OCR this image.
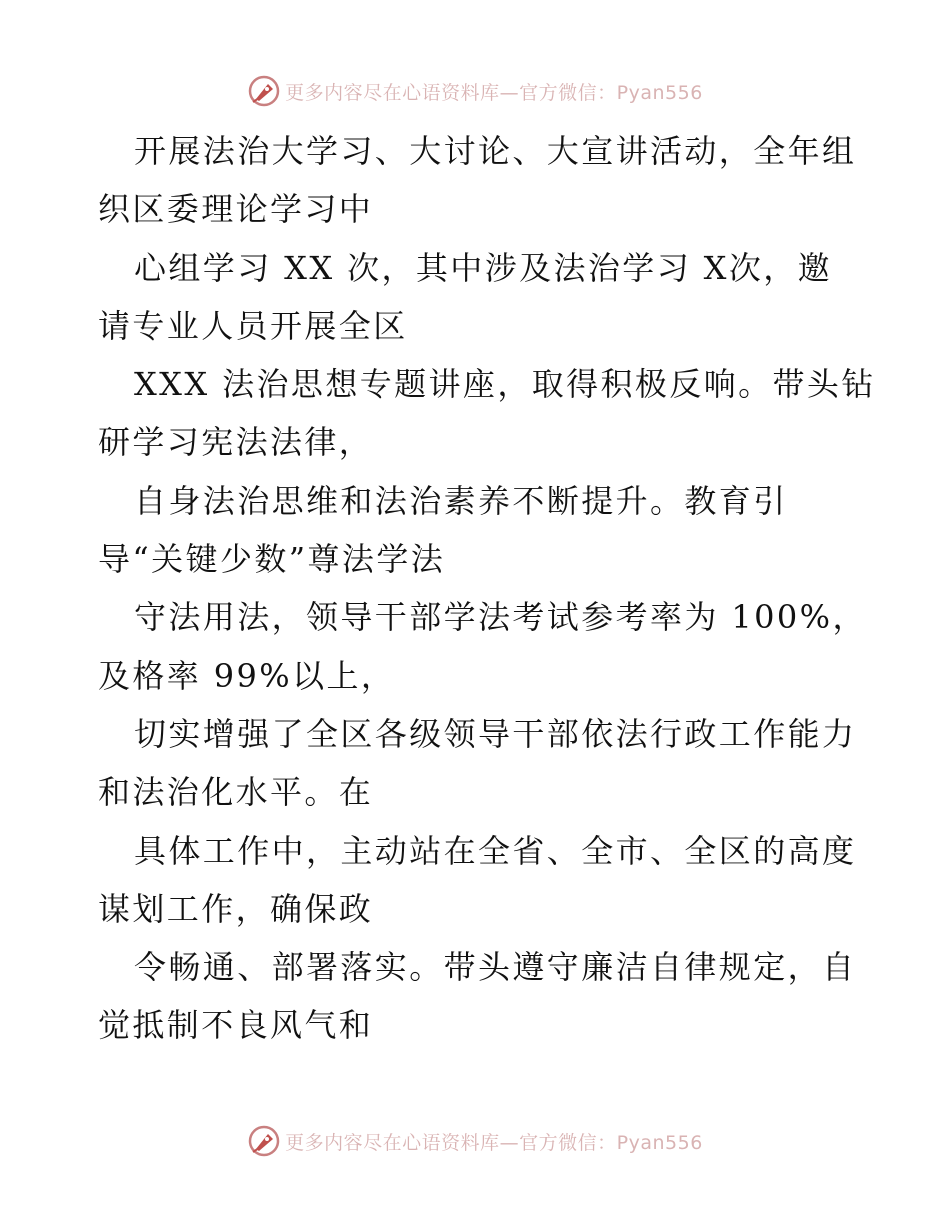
更多内容尽在心语资料库—官方微信：Pyan556
开展法治大学习、大讨论、大宣讲活动，全年组
织区委理论学习中
心组学习 XX 次，其中涉及法治学习 X次，邀
请专业人员开展全区
XXX 法治思想专题讲座，取得积极反响。带头钻
研学习宪法法律，
自身法治思维和法治素养不断提升。教育引
导“关键少数”尊法学法
守法用法，领导干部学法考试参考率为 100%，
及格率 99%以上，
切实增强了全区各级领导干部依法行政工作能力
和法治化水平。在
具体工作中，主动站在全省、全市、全区的高度
谋划工作，确保政
令畅通、部署落实。带头遵守廉洁自律规定，自
觉抵制不良风气和
更多内容尽在心语资料库—官方微信：Pyan556
